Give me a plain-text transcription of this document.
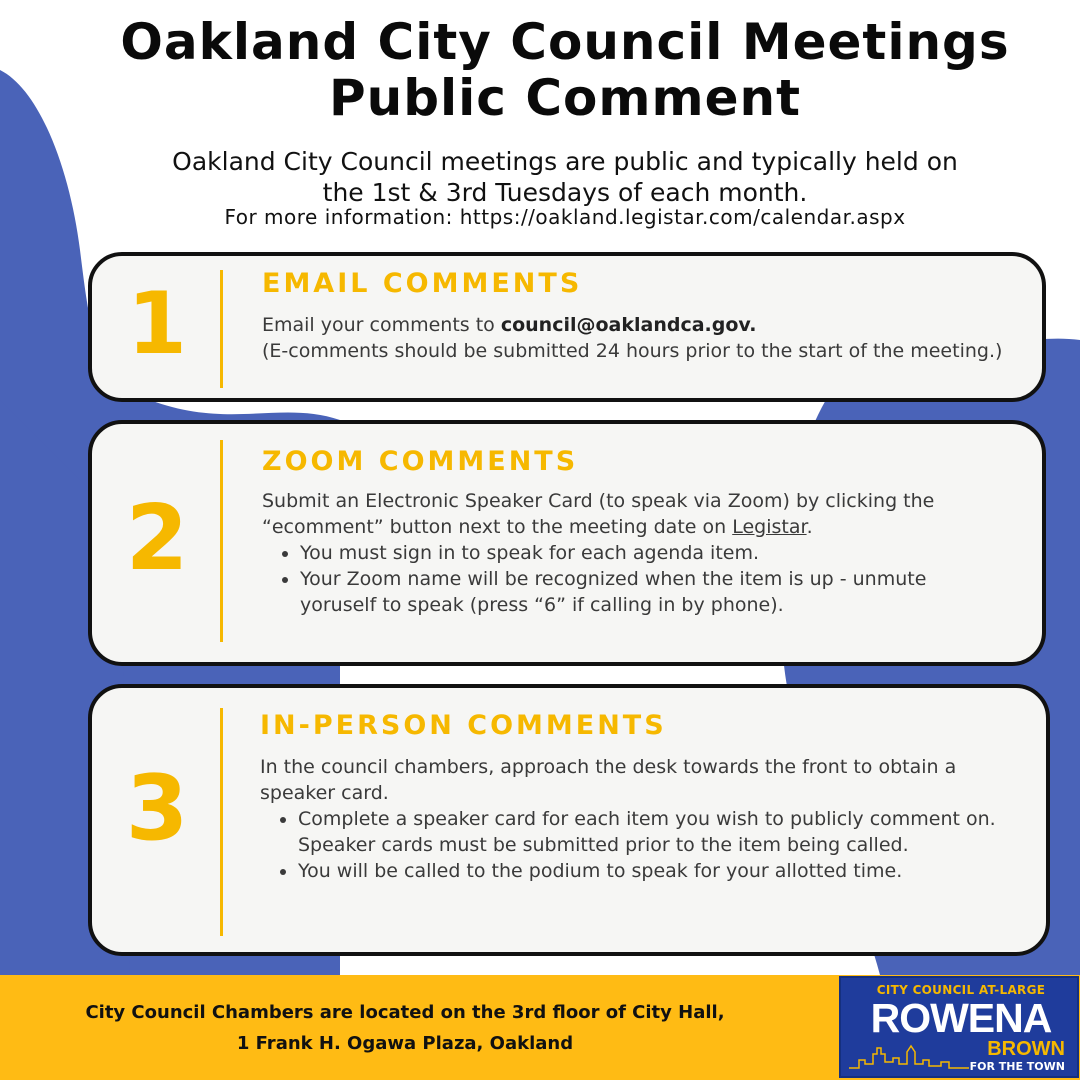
Oakland City Council Meetings
Public Comment
Oakland City Council meetings are public and typically held on
the 1st & 3rd Tuesdays of each month.
For more information: https://oakland.legistar.com/calendar.aspx
1	EMAIL COMMENTS
Email your comments to council@oaklandca.gov.
(E-comments should be submitted 24 hours prior to the start of the meeting.)
2
ZOOM COMMENTS
Submit an Electronic Speaker Card (to speak via Zoom) by clicking the “ecomment” button next to the meeting date on Legistar.
• You must sign in to speak for each agenda item.
• Your Zoom name will be recognized when the item is up - unmute yoruself to speak (press “6” if calling in by phone).
3
IN-PERSON COMMENTS
In the council chambers, approach the desk towards the front to obtain a speaker card.
• Complete a speaker card for each item you wish to publicly comment on. Speaker cards must be submitted prior to the item being called.
• You will be called to the podium to speak for your allotted time.
City Council Chambers are located on the 3rd floor of City Hall,
1 Frank H. Ogawa Plaza, Oakland
CITY COUNCIL AT-LARGE
ROWENA
BROWN
FOR THE TOWN
